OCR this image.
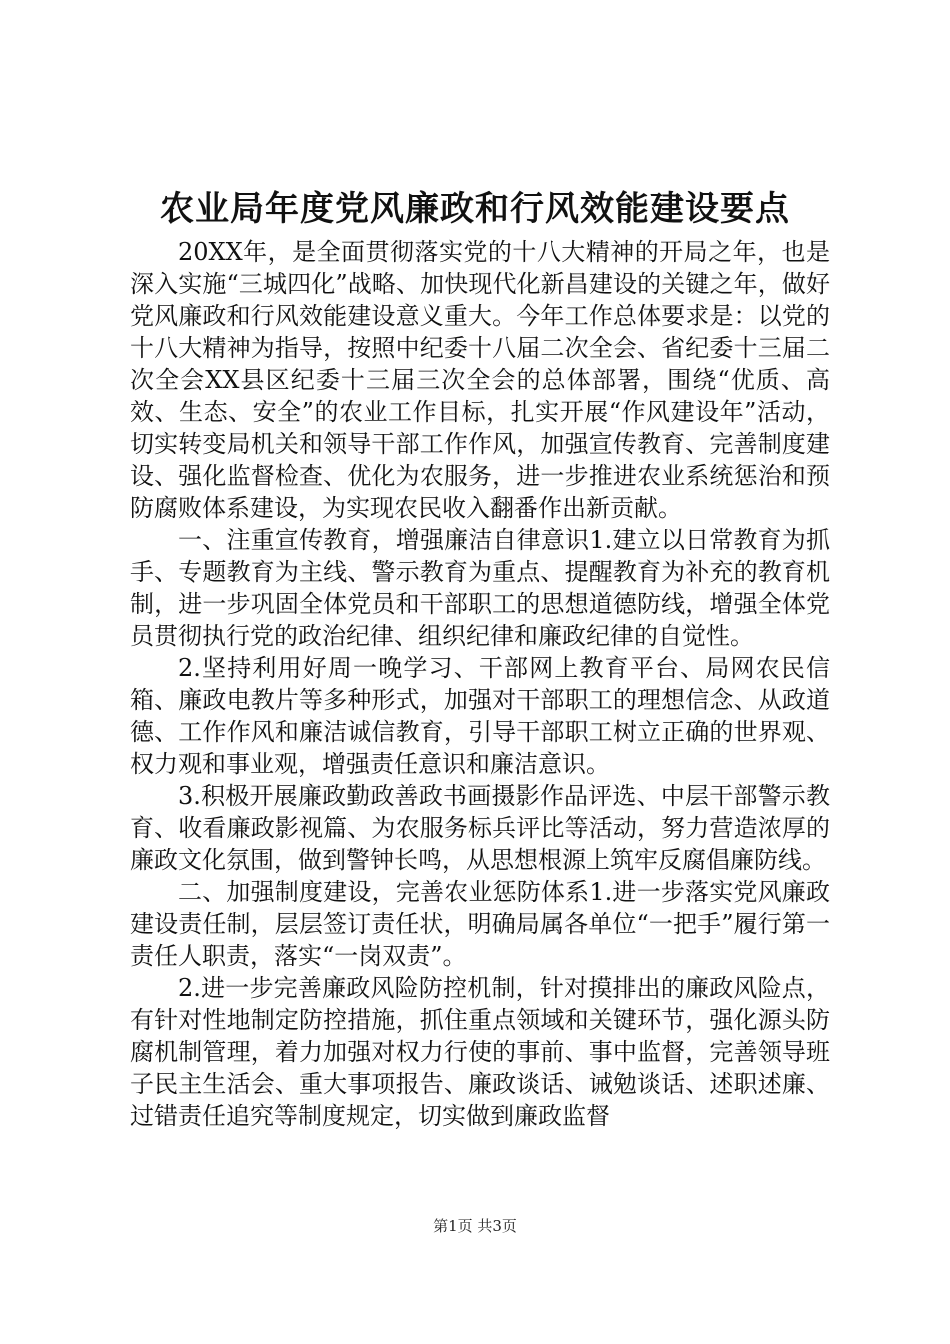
农业局年度党风廉政和行风效能建设要点

20XX年，是全面贯彻落实党的十八大精神的开局之年，也是深入实施“三城四化”战略、加快现代化新昌建设的关键之年，做好党风廉政和行风效能建设意义重大。今年工作总体要求是：以党的十八大精神为指导，按照中纪委十八届二次全会、省纪委十三届二次全会XX县区纪委十三届三次全会的总体部署，围绕“优质、高效、生态、安全”的农业工作目标，扎实开展“作风建设年”活动，切实转变局机关和领导干部工作作风，加强宣传教育、完善制度建设、强化监督检查、优化为农服务，进一步推进农业系统惩治和预防腐败体系建设，为实现农民收入翻番作出新贡献。

一、注重宣传教育，增强廉洁自律意识1.建立以日常教育为抓手、专题教育为主线、警示教育为重点、提醒教育为补充的教育机制，进一步巩固全体党员和干部职工的思想道德防线，增强全体党员贯彻执行党的政治纪律、组织纪律和廉政纪律的自觉性。

2.坚持利用好周一晚学习、干部网上教育平台、局网农民信箱、廉政电教片等多种形式，加强对干部职工的理想信念、从政道德、工作作风和廉洁诚信教育，引导干部职工树立正确的世界观、权力观和事业观，增强责任意识和廉洁意识。

3.积极开展廉政勤政善政书画摄影作品评选、中层干部警示教育、收看廉政影视篇、为农服务标兵评比等活动，努力营造浓厚的廉政文化氛围，做到警钟长鸣，从思想根源上筑牢反腐倡廉防线。

二、加强制度建设，完善农业惩防体系1.进一步落实党风廉政建设责任制，层层签订责任状，明确局属各单位“一把手”履行第一责任人职责，落实“一岗双责”。

2.进一步完善廉政风险防控机制，针对摸排出的廉政风险点，有针对性地制定防控措施，抓住重点领域和关键环节，强化源头防腐机制管理，着力加强对权力行使的事前、事中监督，完善领导班子民主生活会、重大事项报告、廉政谈话、诫勉谈话、述职述廉、过错责任追究等制度规定，切实做到廉政监督

第1页 共3页
